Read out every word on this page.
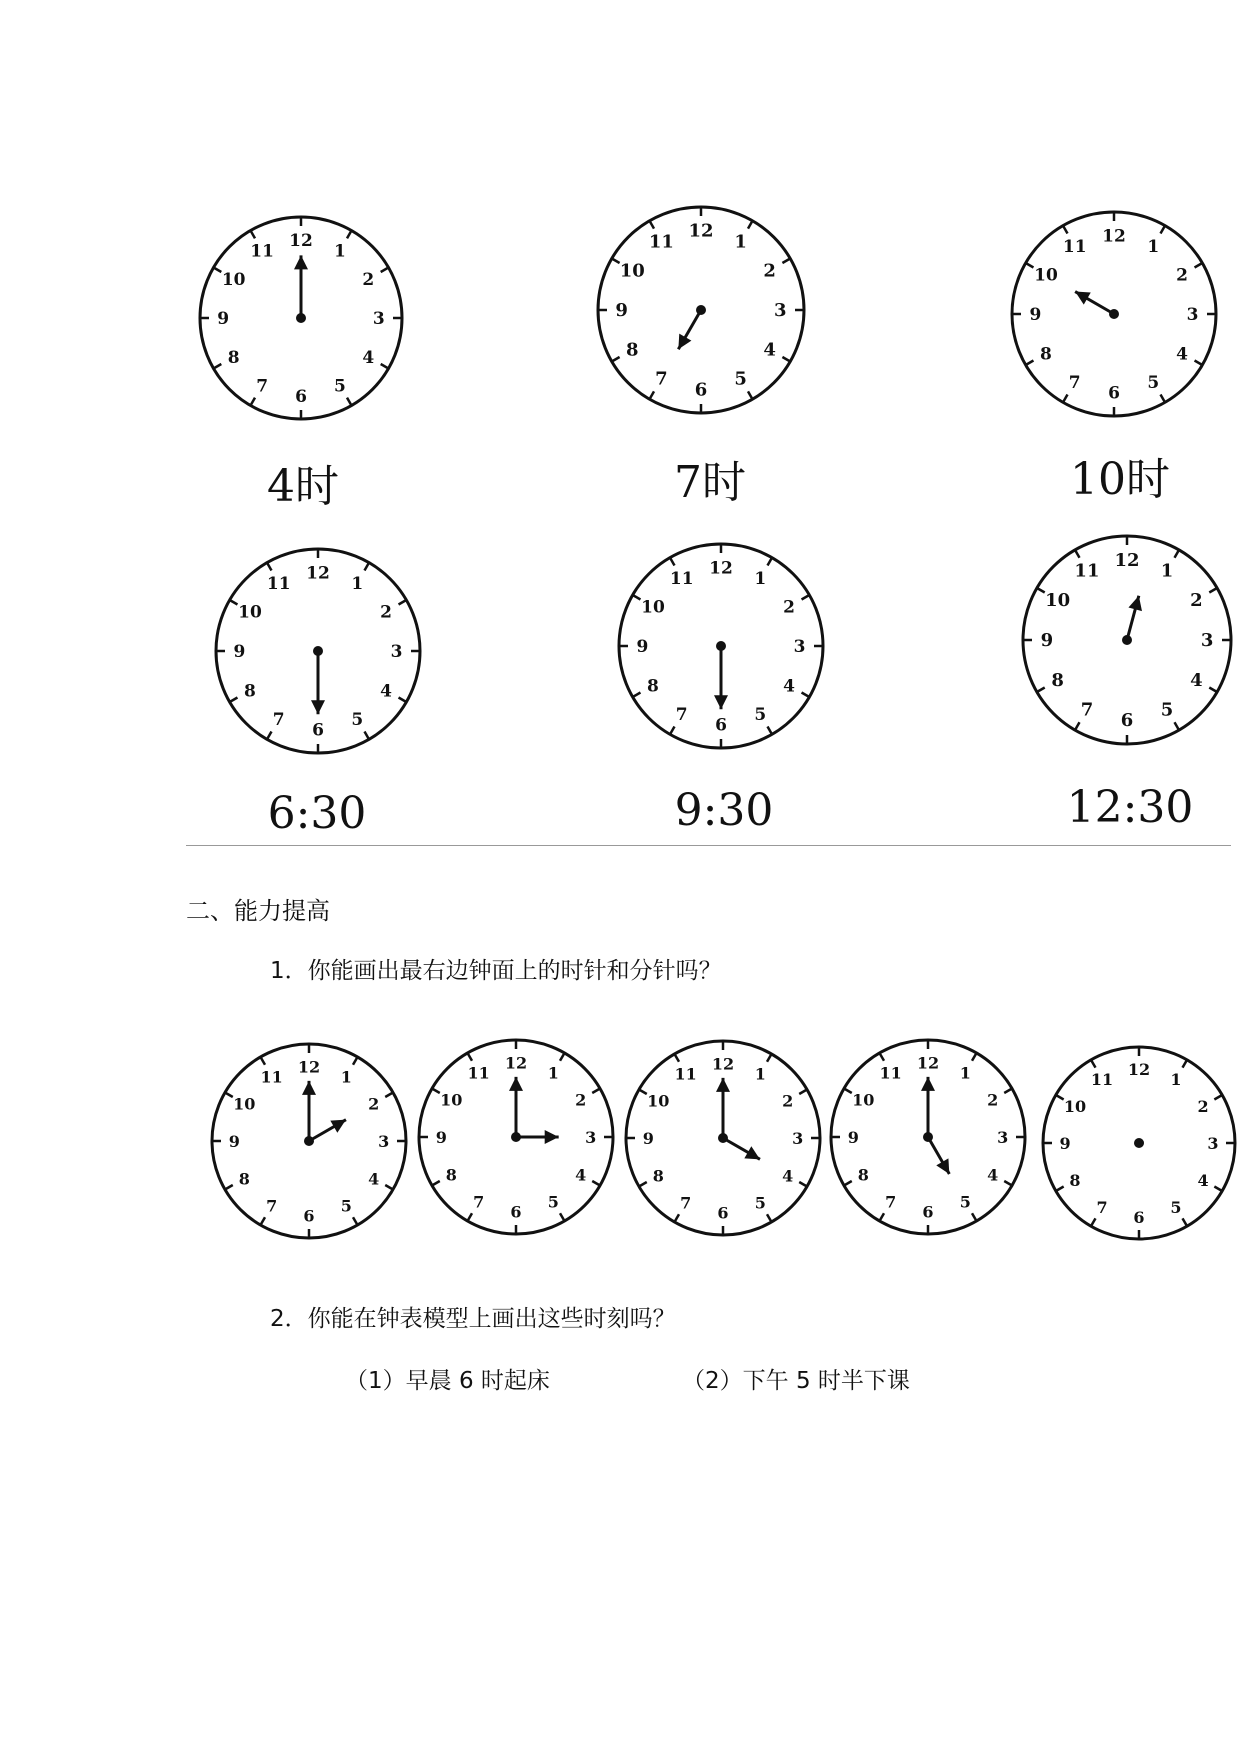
12
1
2
3
4
5
6
7
8
9
10
11
12
1
2
3
4
5
6
7
8
9
10
11	12
1
2
3
4
5
6
7
8
9
10
11
4时	7时	10时
12
1
2
3
4
5
6
7
8
9
10
11
12
1
2
3
4
5
6
7
8
9
10
11
12
1
2
3
4
5
6
7
8
9
10
11
6:30	9:30	12:30
二、能力提高
1．你能画出最右边钟面上的时针和分针吗？
12
1
2
3
4
5
6
7
8
9
10
11
12
1
2
3
4
5
6
7
8
9
10
11	12
1
2
3
4
5
6
7
8
9
10
11
12
1
2
3
4
5
6
7
8
9
10
11	12
1
2
3
4
5
6
7
8
9
10
11
2．你能在钟表模型上画出这些时刻吗？
（1）早晨 6 时起床	（2）下午 5 时半下课
